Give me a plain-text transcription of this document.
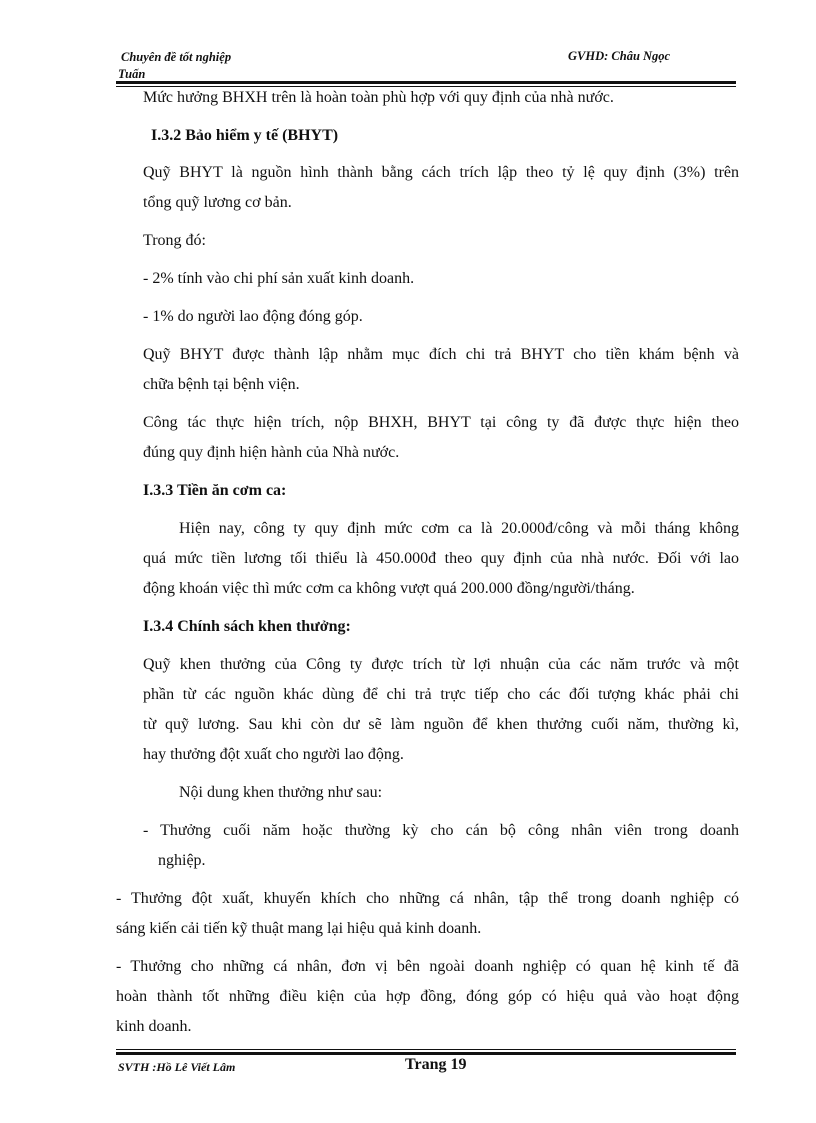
Chuyên đề tốt nghiệp
Tuấn
GVHD: Châu Ngọc

Mức hưởng BHXH trên là hoàn toàn phù hợp với quy định của nhà nước.

I.3.2 Bảo hiểm y tế (BHYT)

Quỹ BHYT là nguồn hình thành bằng cách trích lập theo tỷ lệ quy định (3%) trên

tổng quỹ lương cơ bản.

Trong đó:

- 2% tính vào chi phí sản xuất kinh doanh.

- 1% do người lao động đóng góp.

Quỹ BHYT được thành lập nhằm mục đích chi trả BHYT cho tiền khám bệnh và

chữa bệnh tại bệnh viện.

Công tác thực hiện trích, nộp BHXH, BHYT tại công ty đã được thực hiện theo

đúng quy định hiện hành của Nhà nước.

I.3.3 Tiền ăn cơm ca:

Hiện nay, công ty quy định mức cơm ca là 20.000đ/công và mỗi tháng không

quá mức tiền lương tối thiểu là 450.000đ theo quy định của nhà nước. Đối với lao

động khoán việc thì mức cơm ca không vượt quá 200.000 đồng/người/tháng.

I.3.4 Chính sách khen thưởng:

Quỹ khen thưởng của Công ty được trích từ lợi nhuận của các năm trước và một

phần từ các nguồn khác dùng để chi trả trực tiếp cho các đối tượng khác phải chi

từ quỹ lương. Sau khi còn dư sẽ làm nguồn để khen thưởng cuối năm, thường kì,

hay thưởng đột xuất cho người lao động.

Nội dung khen thưởng như sau:

- Thưởng cuối năm hoặc thường kỳ cho cán bộ công nhân viên trong doanh

nghiệp.

- Thưởng đột xuất, khuyến khích cho những cá nhân, tập thể trong doanh nghiệp có

sáng kiến cải tiến kỹ thuật mang lại hiệu quả kinh doanh.

- Thưởng cho những cá nhân, đơn vị bên ngoài doanh nghiệp có quan hệ kinh tế đã

hoàn thành tốt những điều kiện của hợp đồng, đóng góp có hiệu quả vào hoạt động

kinh doanh.

SVTH :Hồ Lê Viết Lâm	Trang 19
